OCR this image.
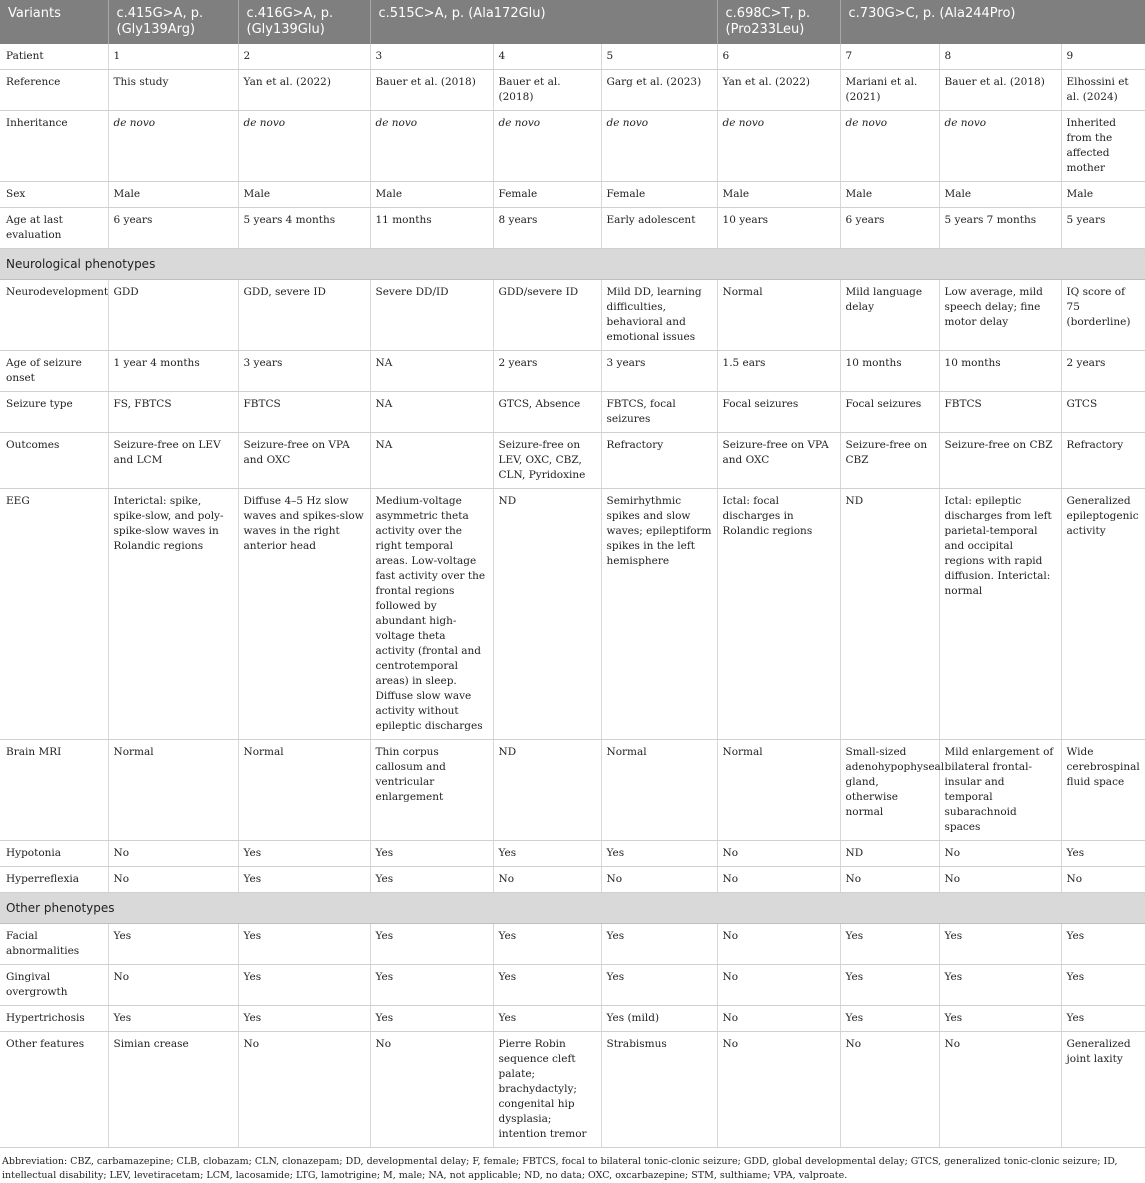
Variants	c.415G>A, p. (Gly139Arg)	c.416G>A, p. (Gly139Glu)	c.515C>A, p. (Ala172Glu)			c.698C>T, p. (Pro233Leu)	c.730G>C, p. (Ala244Pro)		
Patient	1	2	3	4	5	6	7	8	9
Reference	This study	Yan et al. (2022)	Bauer et al. (2018)	Bauer et al. (2018)	Garg et al. (2023)	Yan et al. (2022)	Mariani et al. (2021)	Bauer et al. (2018)	Elhossini et al. (2024)
Inheritance	de novo	de novo	de novo	de novo	de novo	de novo	de novo	de novo	Inherited from the affected mother
Sex	Male	Male	Male	Female	Female	Male	Male	Male	Male
Age at last evaluation	6 years	5 years 4 months	11 months	8 years	Early adolescent	10 years	6 years	5 years 7 months	5 years
Neurological phenotypes									
Neurodevelopment	GDD	GDD, severe ID	Severe DD/ID	GDD/severe ID	Mild DD, learning difficulties, behavioral and emotional issues	Normal	Mild language delay	Low average, mild speech delay; fine motor delay	IQ score of 75 (borderline)
Age of seizure onset	1 year 4 months	3 years	NA	2 years	3 years	1.5 ears	10 months	10 months	2 years
Seizure type	FS, FBTCS	FBTCS	NA	GTCS, Absence	FBTCS, focal seizures	Focal seizures	Focal seizures	FBTCS	GTCS
Outcomes	Seizure-free on LEV and LCM	Seizure-free on VPA and OXC	NA	Seizure-free on LEV, OXC, CBZ, CLN, Pyridoxine	Refractory	Seizure-free on VPA and OXC	Seizure-free on CBZ	Seizure-free on CBZ	Refractory
EEG	Interictal: spike, spike-slow, and poly-spike-slow waves in Rolandic regions	Diffuse 4–5 Hz slow waves and spikes-slow waves in the right anterior head	Medium-voltage asymmetric theta activity over the right temporal areas. Low-voltage fast activity over the frontal regions followed by abundant high- voltage theta activity (frontal and centrotemporal areas) in sleep. Diffuse slow wave activity without epileptic discharges	ND	Semirhythmic spikes and slow waves; epileptiform spikes in the left hemisphere	Ictal: focal discharges in Rolandic regions	ND	Ictal: epileptic discharges from left parietal-temporal and occipital regions with rapid diffusion. Interictal: normal	Generalized epileptogenic activity
Brain MRI	Normal	Normal	Thin corpus callosum and ventricular enlargement	ND	Normal	Normal	Small-sized adenohypophyseal gland, otherwise normal	Mild enlargement of bilateral frontal-insular and temporal subarachnoid spaces	Wide cerebrospinal fluid space
Hypotonia	No	Yes	Yes	Yes	Yes	No	ND	No	Yes
Hyperreflexia	No	Yes	Yes	No	No	No	No	No	No
Other phenotypes									
Facial abnormalities	Yes	Yes	Yes	Yes	Yes	No	Yes	Yes	Yes
Gingival overgrowth	No	Yes	Yes	Yes	Yes	No	Yes	Yes	Yes
Hypertrichosis	Yes	Yes	Yes	Yes	Yes (mild)	No	Yes	Yes	Yes
Other features	Simian crease	No	No	Pierre Robin sequence cleft palate; brachydactyly; congenital hip dysplasia; intention tremor	Strabismus	No	No	No	Generalized joint laxity
Abbreviation: CBZ, carbamazepine; CLB, clobazam; CLN, clonazepam; DD, developmental delay; F, female; FBTCS, focal to bilateral tonic-clonic seizure; GDD, global developmental delay; GTCS, generalized tonic-clonic seizure; ID, intellectual disability; LEV, levetiracetam; LCM, lacosamide; LTG, lamotrigine; M, male; NA, not applicable; ND, no data; OXC, oxcarbazepine; STM, sulthiame; VPA, valproate.
